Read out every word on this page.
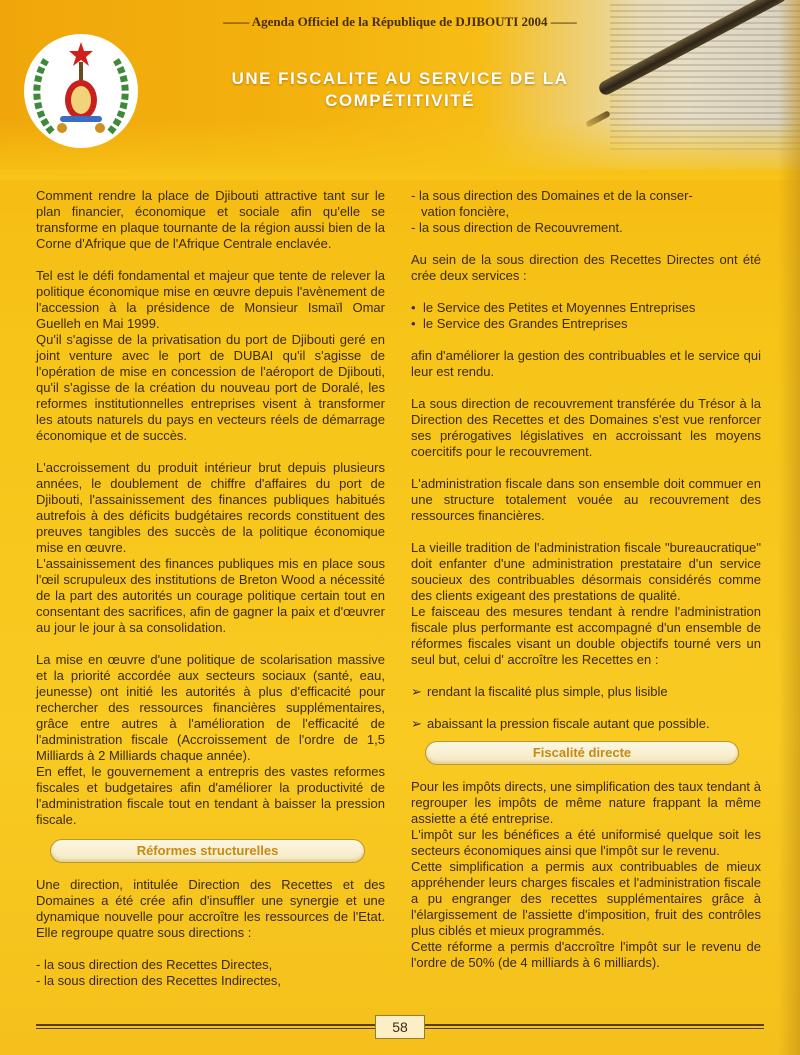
—— Agenda Officiel de la République de DJIBOUTI 2004 ——
UNE FISCALITE AU SERVICE DE LA
COMPÉTITIVITÉ

Comment rendre la place de Djibouti attractive tant sur le plan financier, économique et sociale afin qu'elle se transforme en plaque tournante de la région aussi bien de la Corne d'Afrique que de l'Afrique Centrale enclavée.

Tel est le défi fondamental et majeur que tente de relever la politique économique mise en œuvre depuis l'avènement de l'accession à la présidence de Monsieur Ismaïl Omar Guelleh en Mai 1999.

Qu'il s'agisse de la privatisation du port de Djibouti geré en joint venture avec le port de DUBAI qu'il s'agisse de l'opération de mise en concession de l'aéroport de Djibouti, qu'il s'agisse de la création du nouveau port de Doralé, les reformes institutionnelles entreprises visent à transformer les atouts naturels du pays en vecteurs réels de démarrage économique et de succès.

L'accroissement du produit intérieur brut depuis plusieurs années, le doublement de chiffre d'affaires du port de Djibouti, l'assainissement des finances publiques habitués autrefois à des déficits budgétaires records constituent des preuves tangibles des succès de la politique économique mise en œuvre.

L'assainissement des finances publiques mis en place sous l'œil scrupuleux des institutions de Breton Wood a nécessité de la part des autorités un courage politique certain tout en consentant des sacrifices, afin de gagner la paix et d'œuvrer au jour le jour à sa consolidation.

La mise en œuvre d'une politique de scolarisation massive et la priorité accordée aux secteurs sociaux (santé, eau, jeunesse) ont initié les autorités à plus d'efficacité pour rechercher des ressources financières supplémentaires, grâce entre autres à l'amélioration de l'efficacité de l'administration fiscale (Accroissement de l'ordre de 1,5 Milliards à 2 Milliards chaque année).

En effet, le gouvernement a entrepris des vastes reformes fiscales et budgetaires afin d'améliorer la productivité de l'administration fiscale tout en tendant à baisser la pression fiscale.

Réformes structurelles

Une direction, intitulée Direction des Recettes et des Domaines a été crée afin d'insuffler une synergie et une dynamique nouvelle pour accroître les ressources de l'Etat. Elle regroupe quatre sous directions :

- la sous direction des Recettes Directes,

- la sous direction des Recettes Indirectes,

- la sous direction des Domaines et de la conser-

vation foncière,

- la sous direction de Recouvrement.

Au sein de la sous direction des Recettes Directes ont été crée deux services :

• le Service des Petites et Moyennes Entreprises
• le Service des Grandes Entreprises

afin d'améliorer la gestion des contribuables et le service qui leur est rendu.

La sous direction de recouvrement transférée du Trésor à la Direction des Recettes et des Domaines s'est vue renforcer ses prérogatives législatives en accroissant les moyens coercitifs pour le recouvrement.

L'administration fiscale dans son ensemble doit commuer en une structure totalement vouée au recouvrement des ressources financières.

La vieille tradition de l'administration fiscale "bureaucratique" doit enfanter d'une administration prestataire d'un service soucieux des contribuables désormais considérés comme des clients exigeant des prestations de qualité.

Le faisceau des mesures tendant à rendre l'administration fiscale plus performante est accompagné d'un ensemble de réformes fiscales visant un double objectifs tourné vers un seul but, celui d' accroître les Recettes en :

➢ rendant la fiscalité plus simple, plus lisible
➢ abaissant la pression fiscale autant que possible.
Fiscalité directe

Pour les impôts directs, une simplification des taux tendant à regrouper les impôts de même nature frappant la même assiette a été entreprise.

L'impôt sur les bénéfices a été uniformisé quelque soit les secteurs économiques ainsi que l'impôt sur le revenu.

Cette simplification a permis aux contribuables de mieux appréhender leurs charges fiscales et l'administration fiscale a pu engranger des recettes supplémentaires grâce à l'élargissement de l'assiette d'imposition, fruit des contrôles plus ciblés et mieux programmés.

Cette réforme a permis d'accroître l'impôt sur le revenu de l'ordre de 50% (de 4 milliards à 6 milliards).

58
